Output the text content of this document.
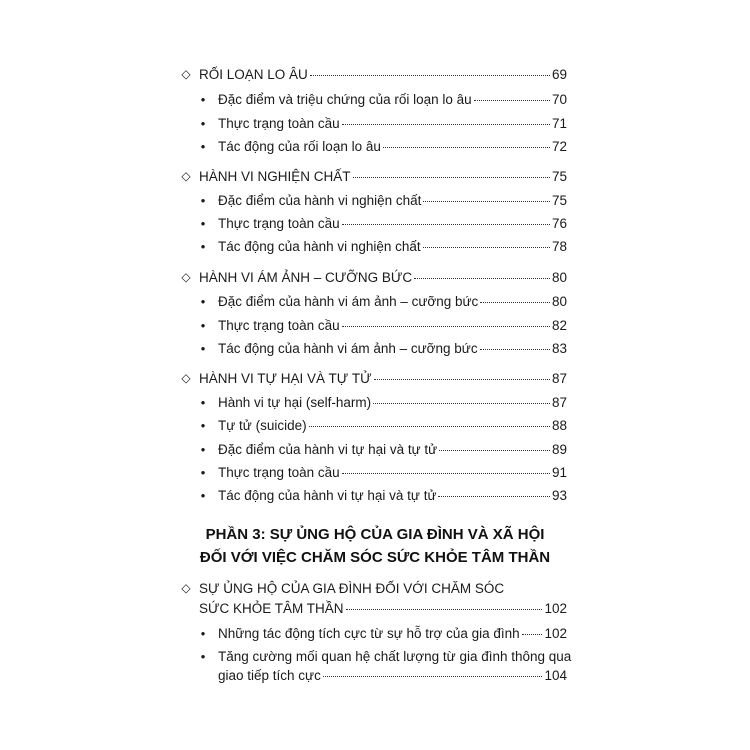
◇ RỐI LOẠN LO ÂU	69
• Đặc điểm và triệu chứng của rối loạn lo âu	70
• Thực trạng toàn cầu	71
• Tác động của rối loạn lo âu	72
◇ HÀNH VI NGHIỆN CHẤT	75
• Đặc điểm của hành vi nghiện chất	75
• Thực trạng toàn cầu	76
• Tác động của hành vi nghiện chất	78
◇ HÀNH VI ÁM ẢNH – CƯỠNG BỨC	80
• Đặc điểm của hành vi ám ảnh – cưỡng bức	80
• Thực trạng toàn cầu	82
• Tác động của hành vi ám ảnh – cưỡng bức	83
◇ HÀNH VI TỰ HẠI VÀ TỰ TỬ	87
• Hành vi tự hại (self-harm)	87
• Tự tử (suicide)	88
• Đặc điểm của hành vi tự hại và tự tử	89
• Thực trạng toàn cầu	91
• Tác động của hành vi tự hại và tự tử	93
PHẦN 3: SỰ ỦNG HỘ CỦA GIA ĐÌNH VÀ XÃ HỘI
ĐỐI VỚI VIỆC CHĂM SÓC SỨC KHỎE TÂM THẦN
◇ SỰ ỦNG HỘ CỦA GIA ĐÌNH ĐỐI VỚI CHĂM SÓC
SỨC KHỎE TÂM THẦN	102
• Những tác động tích cực từ sự hỗ trợ của gia đình 102
• Tăng cường mối quan hệ chất lượng từ gia đình thông qua
giao tiếp tích cực	104
